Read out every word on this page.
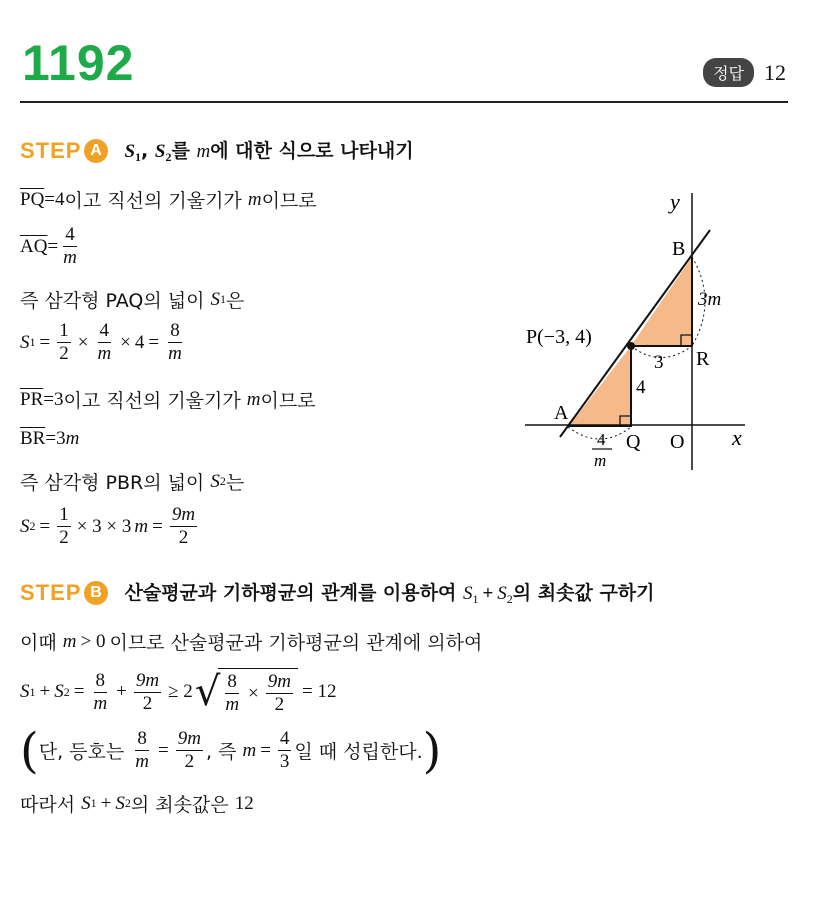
1192	정답 12
STEP A	$S_1$, $S_2$를 m에 대한 식으로 나타내기
$\overline{PQ} =4$ 이고 직선의 기울기가
m 이므로
$\overline{AQ} = \frac{4}{m}$
즉 삼각형 PAQ의 넓이
S 1 은
S $1 = \frac{1}{2} \times \frac{4}{m} \times 4 = \frac{8}{m}$
$\overline{PR} =3$ 이고 직선의 기울기가
m 이므로
$\overline{BR} =3$ m
즉 삼각형 PBR의 넓이
S 2 는
S $2 = \frac{1}{2} \times 3 \times 3$ $m = \frac{9m}{2}$
STEP B	산술평균과 기하평균의 관계를 이용하여 $S_1 + S_2$의 최솟값 구하기
이때
m > 0 이므로 산술평균과 기하평균의 관계에 의하여
S 1 + S $2 = \frac{8}{m} + \frac{9m}{2} \ge 2$ √ $\frac{8}{m} \times \frac{9m}{2} = 12$
( 단, 등호는
$\frac{8}{m} = \frac{9m}{2}$ , 즉
$m = \frac{4}{3}$ 일 때 성립한다. )
따라서
S 1 + S 2 의 최솟값은
12
y
x
B
P(−3, 4)
R
A
Q O
3m
3
4
4
m
